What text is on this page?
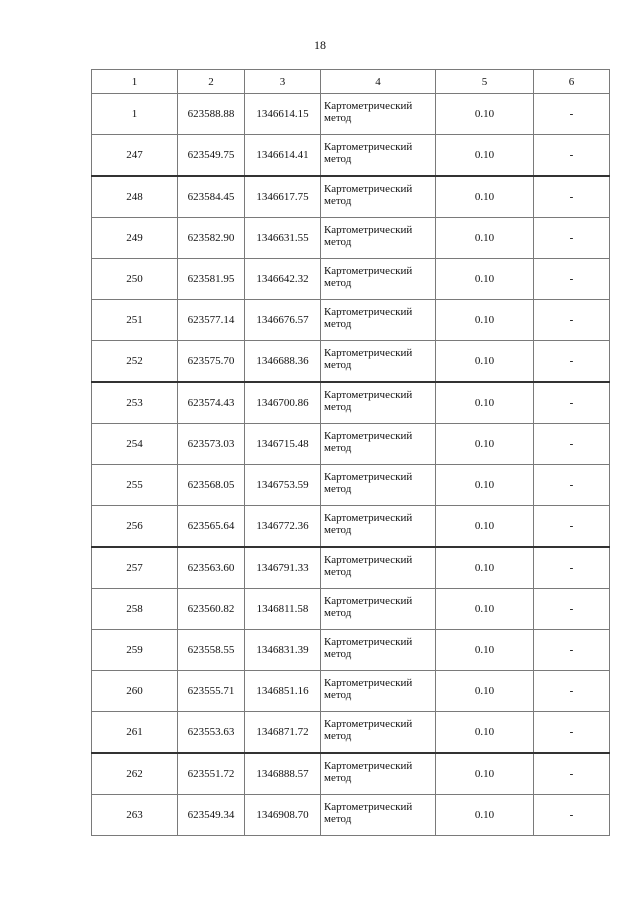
18
1	2	3	4	5	6
1	623588.88	1346614.15	Картометрический метод	0.10	-
247	623549.75	1346614.41	Картометрический метод	0.10	-
248	623584.45	1346617.75	Картометрический метод	0.10	-
249	623582.90	1346631.55	Картометрический метод	0.10	-
250	623581.95	1346642.32	Картометрический метод	0.10	-
251	623577.14	1346676.57	Картометрический метод	0.10	-
252	623575.70	1346688.36	Картометрический метод	0.10	-
253	623574.43	1346700.86	Картометрический метод	0.10	-
254	623573.03	1346715.48	Картометрический метод	0.10	-
255	623568.05	1346753.59	Картометрический метод	0.10	-
256	623565.64	1346772.36	Картометрический метод	0.10	-
257	623563.60	1346791.33	Картометрический метод	0.10	-
258	623560.82	1346811.58	Картометрический метод	0.10	-
259	623558.55	1346831.39	Картометрический метод	0.10	-
260	623555.71	1346851.16	Картометрический метод	0.10	-
261	623553.63	1346871.72	Картометрический метод	0.10	-
262	623551.72	1346888.57	Картометрический метод	0.10	-
263	623549.34	1346908.70	Картометрический метод	0.10	-
